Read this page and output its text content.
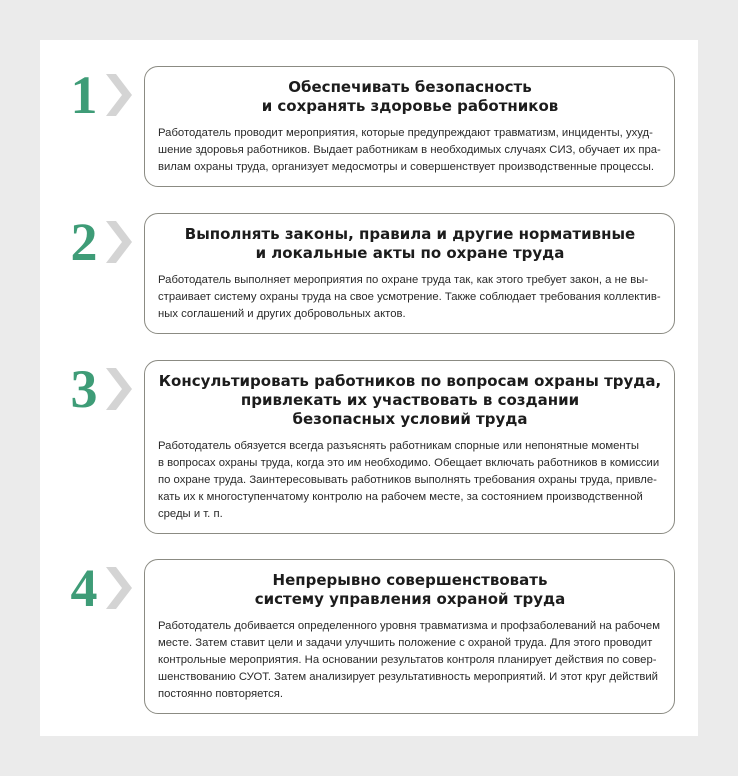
1	Обеспечивать безопасность
и сохранять здоровье работников

Работодатель проводит мероприятия, которые предупреждают травматизм, инциденты, ухуд-
шение здоровья работников. Выдает работникам в необходимых случаях СИЗ, обучает их пра-
вилам охраны труда, организует медосмотры и совершенствует производственные процессы.

2	Выполнять законы, правила и другие нормативные
и локальные акты по охране труда

Работодатель выполняет мероприятия по охране труда так, как этого требует закон, а не вы-
страивает систему охраны труда на свое усмотрение. Также соблюдает требования коллектив-
ных соглашений и других добровольных актов.

3	Консультировать работников по вопросам охраны труда,
привлекать их участвовать в создании
безопасных условий труда

Работодатель обязуется всегда разъяснять работникам спорные или непонятные моменты
в вопросах охраны труда, когда это им необходимо. Обещает включать работников в комиссии
по охране труда. Заинтересовывать работников выполнять требования охраны труда, привле-
кать их к многоступенчатому контролю на рабочем месте, за состоянием производственной
среды и т. п.

4	Непрерывно совершенствовать
систему управления охраной труда

Работодатель добивается определенного уровня травматизма и профзаболеваний на рабочем
месте. Затем ставит цели и задачи улучшить положение с охраной труда. Для этого проводит
контрольные мероприятия. На основании результатов контроля планирует действия по совер-
шенствованию СУОТ. Затем анализирует результативность мероприятий. И этот круг действий
постоянно повторяется.
